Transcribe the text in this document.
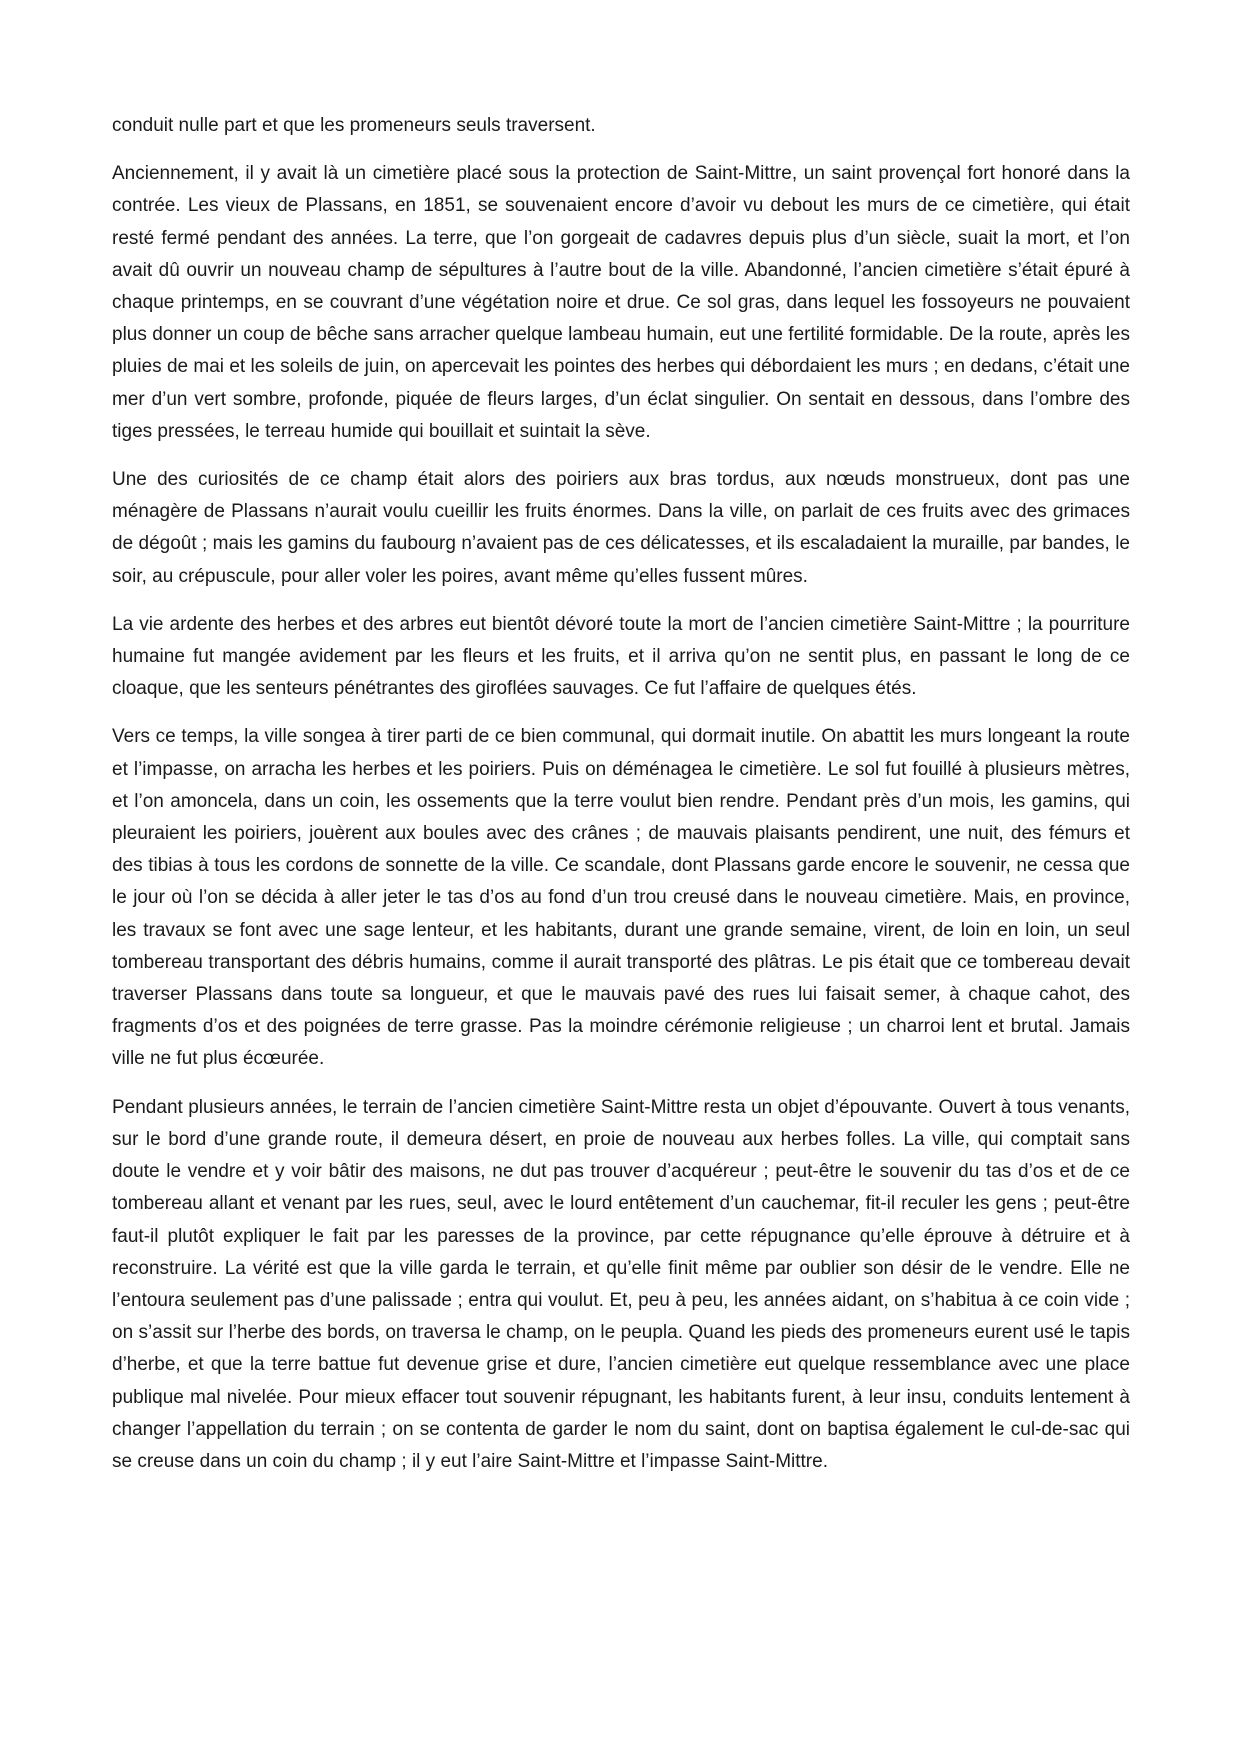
conduit nulle part et que les promeneurs seuls traversent.

Anciennement, il y avait là un cimetière placé sous la protection de Saint-Mittre, un saint provençal fort honoré dans la contrée. Les vieux de Plassans, en 1851, se souvenaient encore d’avoir vu debout les murs de ce cimetière, qui était resté fermé pendant des années. La terre, que l’on gorgeait de cadavres depuis plus d’un siècle, suait la mort, et l’on avait dû ouvrir un nouveau champ de sépultures à l’autre bout de la ville. Abandonné, l’ancien cimetière s’était épuré à chaque printemps, en se couvrant d’une végétation noire et drue. Ce sol gras, dans lequel les fossoyeurs ne pouvaient plus donner un coup de bêche sans arracher quelque lambeau humain, eut une fertilité formidable. De la route, après les pluies de mai et les soleils de juin, on apercevait les pointes des herbes qui débordaient les murs ; en dedans, c’était une mer d’un vert sombre, profonde, piquée de fleurs larges, d’un éclat singulier. On sentait en dessous, dans l’ombre des tiges pressées, le terreau humide qui bouillait et suintait la sève.

Une des curiosités de ce champ était alors des poiriers aux bras tordus, aux nœuds monstrueux, dont pas une ménagère de Plassans n’aurait voulu cueillir les fruits énormes. Dans la ville, on parlait de ces fruits avec des grimaces de dégoût ; mais les gamins du faubourg n’avaient pas de ces délicatesses, et ils escaladaient la muraille, par bandes, le soir, au crépuscule, pour aller voler les poires, avant même qu’elles fussent mûres.

La vie ardente des herbes et des arbres eut bientôt dévoré toute la mort de l’ancien cimetière Saint-Mittre ; la pourriture humaine fut mangée avidement par les fleurs et les fruits, et il arriva qu’on ne sentit plus, en passant le long de ce cloaque, que les senteurs pénétrantes des giroflées sauvages. Ce fut l’affaire de quelques étés.

Vers ce temps, la ville songea à tirer parti de ce bien communal, qui dormait inutile. On abattit les murs longeant la route et l’impasse, on arracha les herbes et les poiriers. Puis on déménagea le cimetière. Le sol fut fouillé à plusieurs mètres, et l’on amoncela, dans un coin, les ossements que la terre voulut bien rendre. Pendant près d’un mois, les gamins, qui pleuraient les poiriers, jouèrent aux boules avec des crânes ; de mauvais plaisants pendirent, une nuit, des fémurs et des tibias à tous les cordons de sonnette de la ville. Ce scandale, dont Plassans garde encore le souvenir, ne cessa que le jour où l’on se décida à aller jeter le tas d’os au fond d’un trou creusé dans le nouveau cimetière. Mais, en province, les travaux se font avec une sage lenteur, et les habitants, durant une grande semaine, virent, de loin en loin, un seul tombereau transportant des débris humains, comme il aurait transporté des plâtras. Le pis était que ce tombereau devait traverser Plassans dans toute sa longueur, et que le mauvais pavé des rues lui faisait semer, à chaque cahot, des fragments d’os et des poignées de terre grasse. Pas la moindre cérémonie religieuse ; un charroi lent et brutal. Jamais ville ne fut plus écœurée.

Pendant plusieurs années, le terrain de l’ancien cimetière Saint-Mittre resta un objet d’épouvante. Ouvert à tous venants, sur le bord d’une grande route, il demeura désert, en proie de nouveau aux herbes folles. La ville, qui comptait sans doute le vendre et y voir bâtir des maisons, ne dut pas trouver d’acquéreur ; peut-être le souvenir du tas d’os et de ce tombereau allant et venant par les rues, seul, avec le lourd entêtement d’un cauchemar, fit-il reculer les gens ; peut-être faut-il plutôt expliquer le fait par les paresses de la province, par cette répugnance qu’elle éprouve à détruire et à reconstruire. La vérité est que la ville garda le terrain, et qu’elle finit même par oublier son désir de le vendre. Elle ne l’entoura seulement pas d’une palissade ; entra qui voulut. Et, peu à peu, les années aidant, on s’habitua à ce coin vide ; on s’assit sur l’herbe des bords, on traversa le champ, on le peupla. Quand les pieds des promeneurs eurent usé le tapis d’herbe, et que la terre battue fut devenue grise et dure, l’ancien cimetière eut quelque ressemblance avec une place publique mal nivelée. Pour mieux effacer tout souvenir répugnant, les habitants furent, à leur insu, conduits lentement à changer l’appellation du terrain ; on se contenta de garder le nom du saint, dont on baptisa également le cul-de-sac qui se creuse dans un coin du champ ; il y eut l’aire Saint-Mittre et l’impasse Saint-Mittre.
